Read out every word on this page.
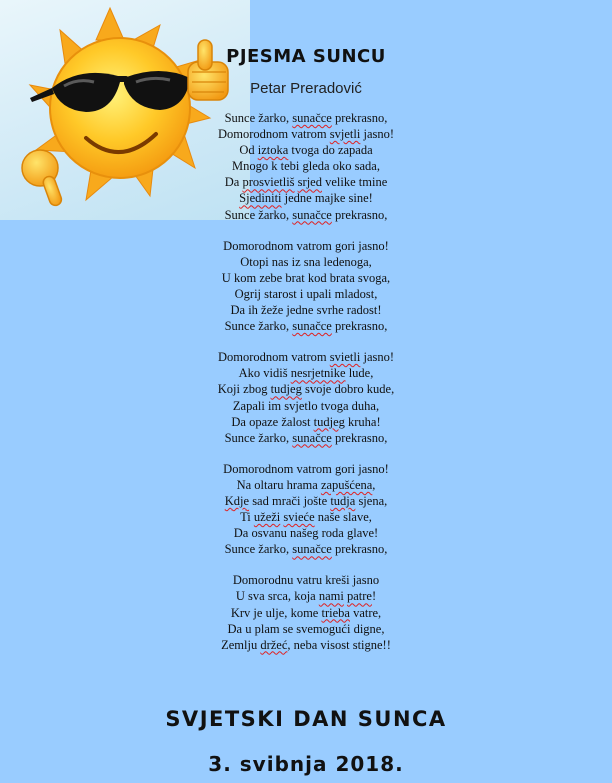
PJESMA SUNCU
Petar Preradović
Sunce žarko, sunačce prekrasno,
Domorodnom vatrom svjetli jasno!
Od iztoka tvoga do zapada
Mnogo k tebi gleda oko sada,
Da prosvietliš srjed velike tmine
Sjediniti jedne majke sine!
Sunce žarko, sunačce prekrasno,
Domorodnom vatrom gori jasno!
Otopi nas iz sna ledenoga,
U kom zebe brat kod brata svoga,
Ogrij starost i upali mladost,
Da ih žeže jedne svrhe radost!
Sunce žarko, sunačce prekrasno,
Domorodnom vatrom svietli jasno!
Ako vidiš nesrjetnike lude,
Koji zbog tudjeg svoje dobro kude,
Zapali im svjetlo tvoga duha,
Da opaze žalost tudjeg kruha!
Sunce žarko, sunačce prekrasno,
Domorodnom vatrom gori jasno!
Na oltaru hrama zapušćena,
Kdje sad mrači jošte tudja sjena,
Ti užeži svieće naše slave,
Da osvanu našeg roda glave!
Sunce žarko, sunačce prekrasno,
Domorodnu vatru kreši jasno
U sva srca, koja nami patre!
Krv je ulje, kome trieba vatre,
Da u plam se svemogući digne,
Zemlju držeć, neba visost stigne!!
SVJETSKI DAN SUNCA
3. svibnja 2018.
